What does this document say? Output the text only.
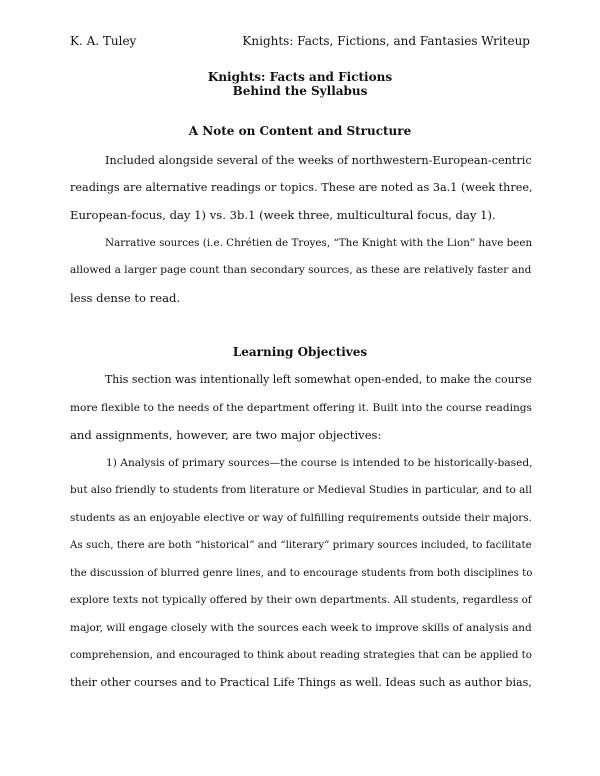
K. A. Tuley	Knights: Facts, Fictions, and Fantasies Writeup
Knights: Facts and Fictions
Behind the Syllabus
A Note on Content and Structure
Included alongside several of the weeks of northwestern-European-centric
readings are alternative readings or topics. These are noted as 3a.1 (week three,
European-focus, day 1) vs. 3b.1 (week three, multicultural focus, day 1).
Narrative sources (i.e. Chrétien de Troyes, “The Knight with the Lion” have been
allowed a larger page count than secondary sources, as these are relatively faster and
less dense to read.
Learning Objectives
This section was intentionally left somewhat open-ended, to make the course
more flexible to the needs of the department offering it. Built into the course readings
and assignments, however, are two major objectives:
1) Analysis of primary sources—the course is intended to be historically-based,
but also friendly to students from literature or Medieval Studies in particular, and to all
students as an enjoyable elective or way of fulfilling requirements outside their majors.
As such, there are both “historical” and “literary” primary sources included, to facilitate
the discussion of blurred genre lines, and to encourage students from both disciplines to
explore texts not typically offered by their own departments. All students, regardless of
major, will engage closely with the sources each week to improve skills of analysis and
comprehension, and encouraged to think about reading strategies that can be applied to
their other courses and to Practical Life Things as well. Ideas such as author bias,
